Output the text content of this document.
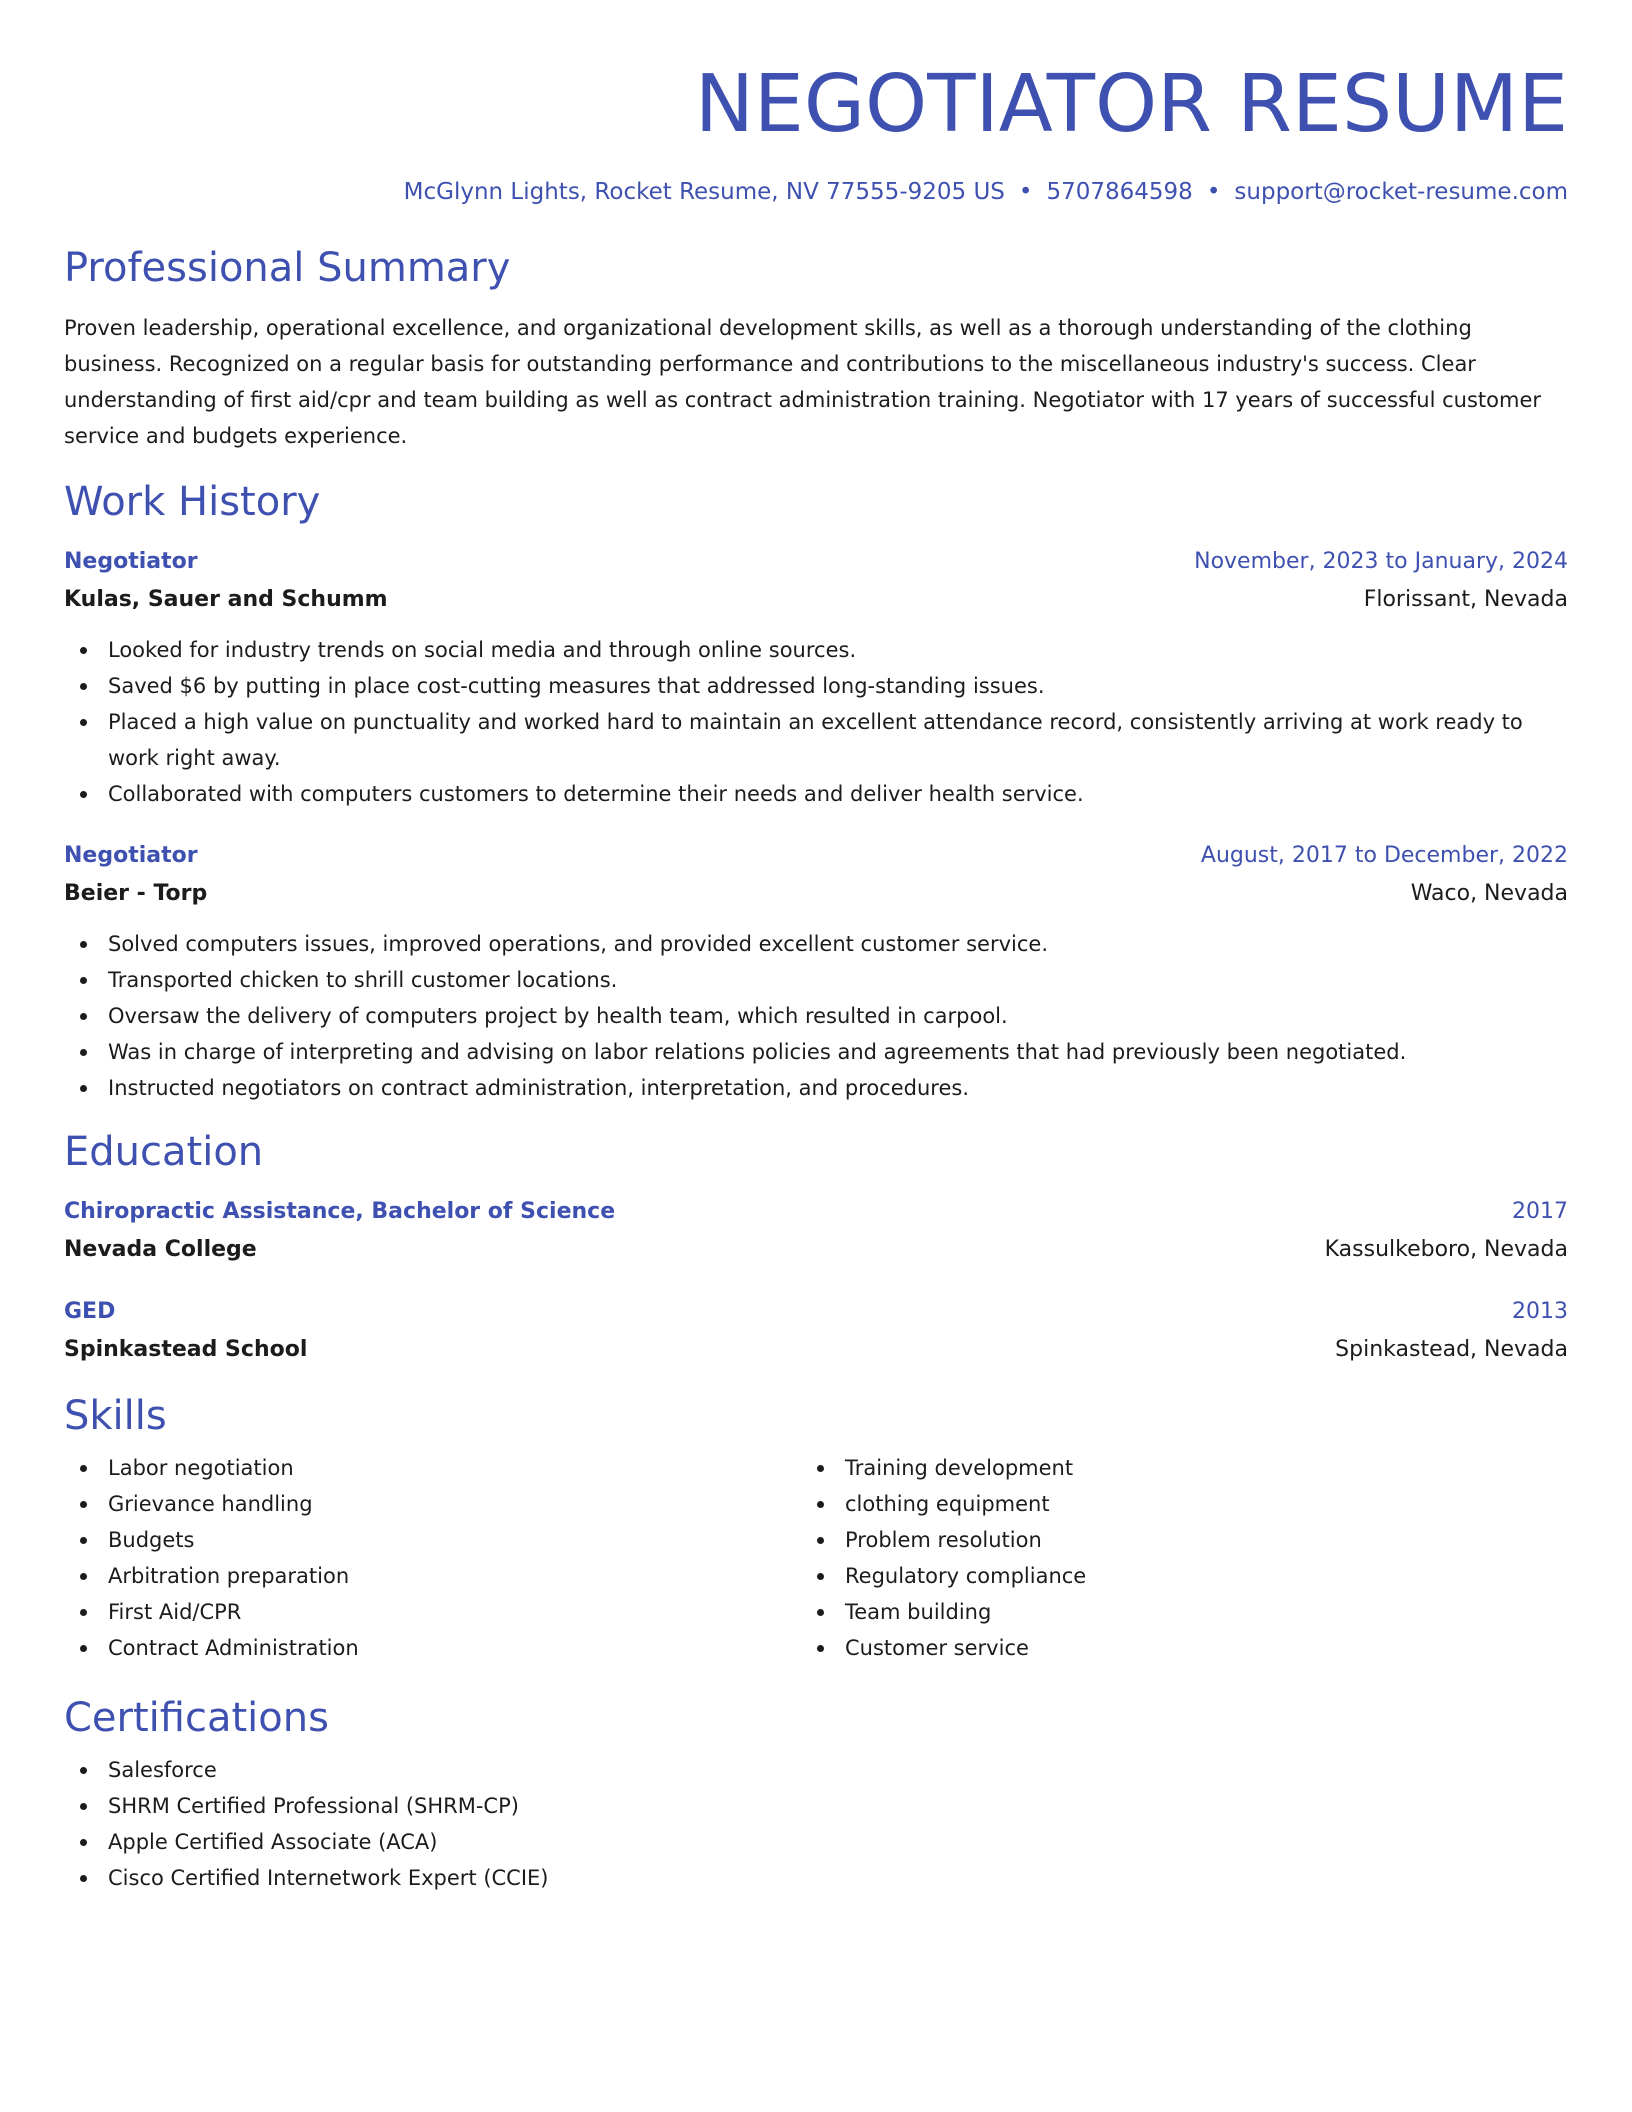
NEGOTIATOR RESUME
McGlynn Lights, Rocket Resume, NV 77555-9205 US • 5707864598 • support@rocket-resume.com
Professional Summary

Proven leadership, operational excellence, and organizational development skills, as well as a thorough understanding of the clothing business. Recognized on a regular basis for outstanding performance and contributions to the miscellaneous industry's success. Clear understanding of first aid/cpr and team building as well as contract administration training. Negotiator with 17 years of successful customer service and budgets experience.

Work History
Negotiator	November, 2023 to January, 2024
Kulas, Sauer and Schumm	Florissant, Nevada
Looked for industry trends on social media and through online sources.
Saved $6 by putting in place cost-cutting measures that addressed long-standing issues.
Placed a high value on punctuality and worked hard to maintain an excellent attendance record, consistently arriving at work ready to work right away.
Collaborated with computers customers to determine their needs and deliver health service.
Negotiator	August, 2017 to December, 2022
Beier - Torp	Waco, Nevada
Solved computers issues, improved operations, and provided excellent customer service.
Transported chicken to shrill customer locations.
Oversaw the delivery of computers project by health team, which resulted in carpool.
Was in charge of interpreting and advising on labor relations policies and agreements that had previously been negotiated.
Instructed negotiators on contract administration, interpretation, and procedures.
Education
Chiropractic Assistance, Bachelor of Science	2017
Nevada College	Kassulkeboro, Nevada
GED	2013
Spinkastead School	Spinkastead, Nevada
Skills
Labor negotiation
Grievance handling
Budgets
Arbitration preparation
First Aid/CPR
Contract Administration
Training development
clothing equipment
Problem resolution
Regulatory compliance
Team building
Customer service
Certifications
Salesforce
SHRM Certified Professional (SHRM-CP)
Apple Certified Associate (ACA)
Cisco Certified Internetwork Expert (CCIE)
